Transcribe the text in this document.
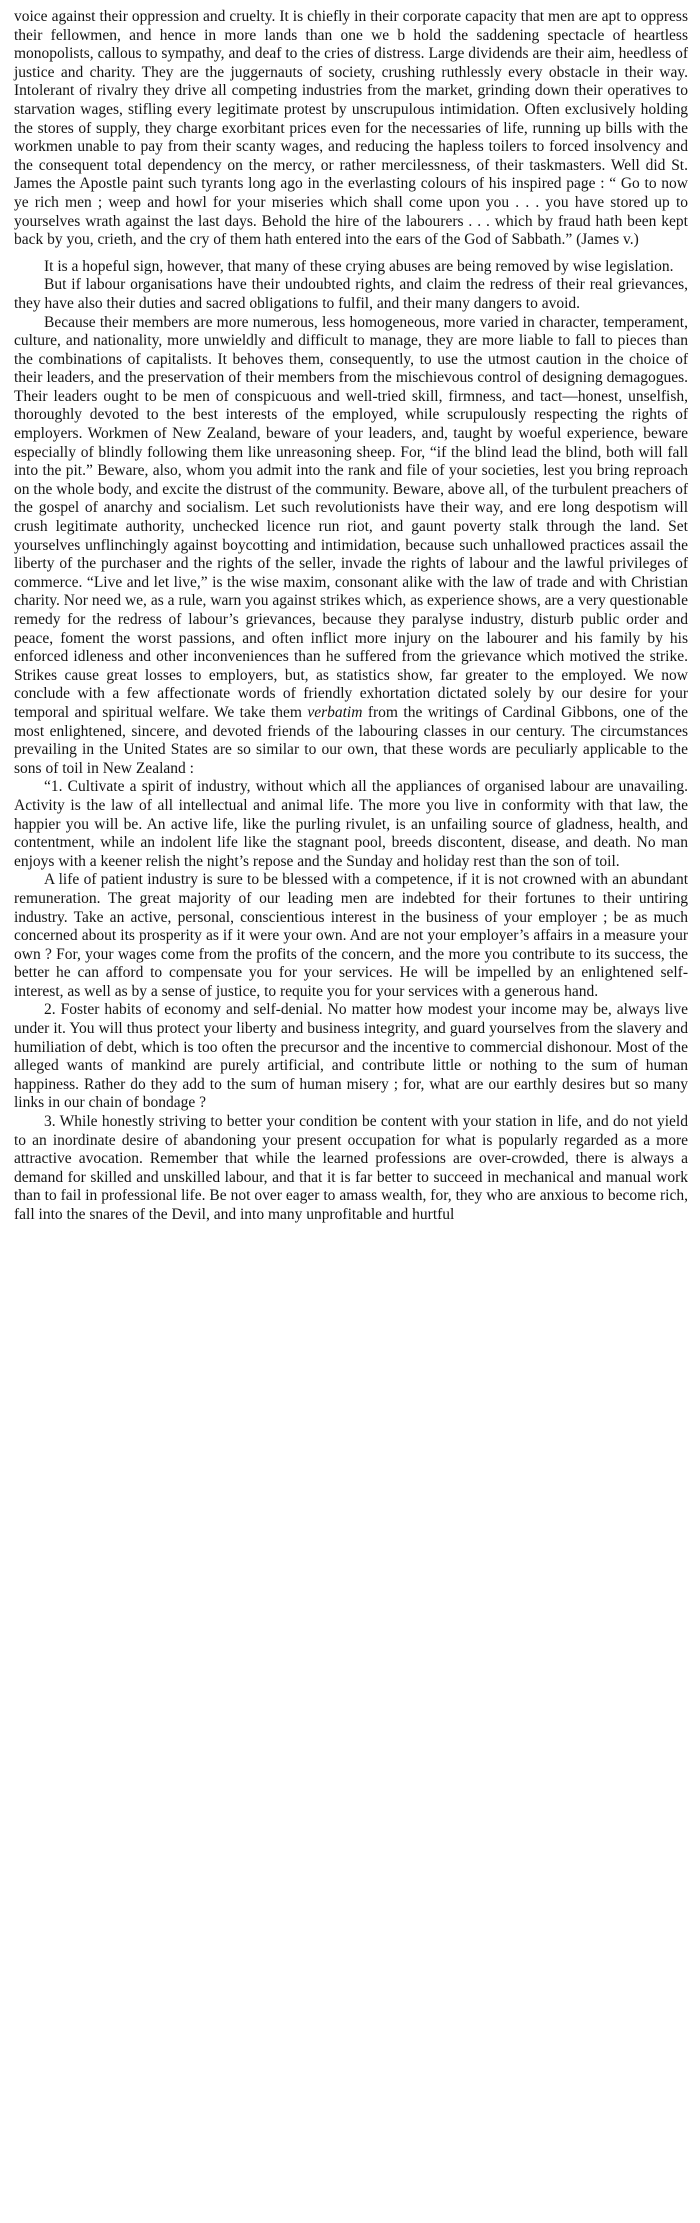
voice against their oppression and cruelty. It is chiefly in their corporate capacity that men are apt to oppress their fellowmen, and hence in more lands than one we b hold the saddening spectacle of heartless monopolists, callous to sympathy, and deaf to the cries of distress. Large dividends are their aim, heedless of justice and charity. They are the juggernauts of society, crushing ruthlessly every obstacle in their way. Intolerant of rivalry they drive all competing industries from the market, grinding down their operatives to starvation wages, stifling every legitimate protest by unscrupulous intimidation. Often exclusively holding the stores of supply, they charge exorbitant prices even for the necessaries of life, running up bills with the workmen unable to pay from their scanty wages, and reducing the hapless toilers to forced insolvency and the consequent total dependency on the mercy, or rather mercilessness, of their taskmasters. Well did St. James the Apostle paint such tyrants long ago in the everlasting colours of his inspired page : “ Go to now ye rich men ; weep and howl for your miseries which shall come upon you . . . you have stored up to yourselves wrath against the last days. Behold the hire of the labourers . . . which by fraud hath been kept back by you, crieth, and the cry of them hath entered into the ears of the God of Sabbath.” (James v.)

It is a hopeful sign, however, that many of these crying abuses are being removed by wise legislation.

But if labour organisations have their undoubted rights, and claim the redress of their real grievances, they have also their duties and sacred obligations to fulfil, and their many dangers to avoid.

Because their members are more numerous, less homogeneous, more varied in character, temperament, culture, and nationality, more unwieldly and difficult to manage, they are more liable to fall to pieces than the combinations of capitalists. It behoves them, consequently, to use the utmost caution in the choice of their leaders, and the preservation of their members from the mischievous control of designing demagogues. Their leaders ought to be men of conspicuous and well-tried skill, firmness, and tact—honest, unselfish, thoroughly devoted to the best interests of the employed, while scrupulously respecting the rights of employers. Workmen of New Zealand, beware of your leaders, and, taught by woeful experience, beware especially of blindly following them like unreasoning sheep. For, “if the blind lead the blind, both will fall into the pit.” Beware, also, whom you admit into the rank and file of your societies, lest you bring reproach on the whole body, and excite the distrust of the community. Beware, above all, of the turbulent preachers of the gospel of anarchy and socialism. Let such revolutionists have their way, and ere long despotism will crush legitimate authority, unchecked licence run riot, and gaunt poverty stalk through the land. Set yourselves unflinchingly against boycotting and intimidation, because such unhallowed practices assail the liberty of the purchaser and the rights of the seller, invade the rights of labour and the lawful privileges of commerce. “Live and let live,” is the wise maxim, consonant alike with the law of trade and with Christian charity. Nor need we, as a rule, warn you against strikes which, as experience shows, are a very questionable remedy for the redress of labour’s grievances, because they paralyse industry, disturb public order and peace, foment the worst passions, and often inflict more injury on the labourer and his family by his enforced idleness and other inconveniences than he suffered from the grievance which motived the strike. Strikes cause great losses to employers, but, as statistics show, far greater to the employed. We now conclude with a few affectionate words of friendly exhortation dictated solely by our desire for your temporal and spiritual welfare. We take them verbatim from the writings of Cardinal Gibbons, one of the most enlightened, sincere, and devoted friends of the labouring classes in our century. The circumstances prevailing in the United States are so similar to our own, that these words are peculiarly applicable to the sons of toil in New Zealand :

“1. Cultivate a spirit of industry, without which all the appliances of organised labour are unavailing. Activity is the law of all intellectual and animal life. The more you live in conformity with that law, the happier you will be. An active life, like the purling rivulet, is an unfailing source of gladness, health, and contentment, while an indolent life like the stagnant pool, breeds discontent, disease, and death. No man enjoys with a keener relish the night’s repose and the Sunday and holiday rest than the son of toil.

A life of patient industry is sure to be blessed with a competence, if it is not crowned with an abundant remuneration. The great majority of our leading men are indebted for their fortunes to their untiring industry. Take an active, personal, conscientious interest in the business of your employer ; be as much concerned about its prosperity as if it were your own. And are not your employer’s affairs in a measure your own ? For, your wages come from the profits of the concern, and the more you contribute to its success, the better he can afford to compensate you for your services. He will be impelled by an enlightened self-interest, as well as by a sense of justice, to requite you for your services with a generous hand.

2. Foster habits of economy and self-denial. No matter how modest your income may be, always live under it. You will thus protect your liberty and business integrity, and guard yourselves from the slavery and humiliation of debt, which is too often the precursor and the incentive to commercial dishonour. Most of the alleged wants of mankind are purely artificial, and contribute little or nothing to the sum of human happiness. Rather do they add to the sum of human misery ; for, what are our earthly desires but so many links in our chain of bondage ?

3. While honestly striving to better your condition be content with your station in life, and do not yield to an inordinate desire of abandoning your present occupation for what is popularly regarded as a more attractive avocation. Remember that while the learned professions are over-crowded, there is always a demand for skilled and unskilled labour, and that it is far better to succeed in mechanical and manual work than to fail in professional life. Be not over eager to amass wealth, for, they who are anxious to become rich, fall into the snares of the Devil, and into many unprofitable and hurtful
